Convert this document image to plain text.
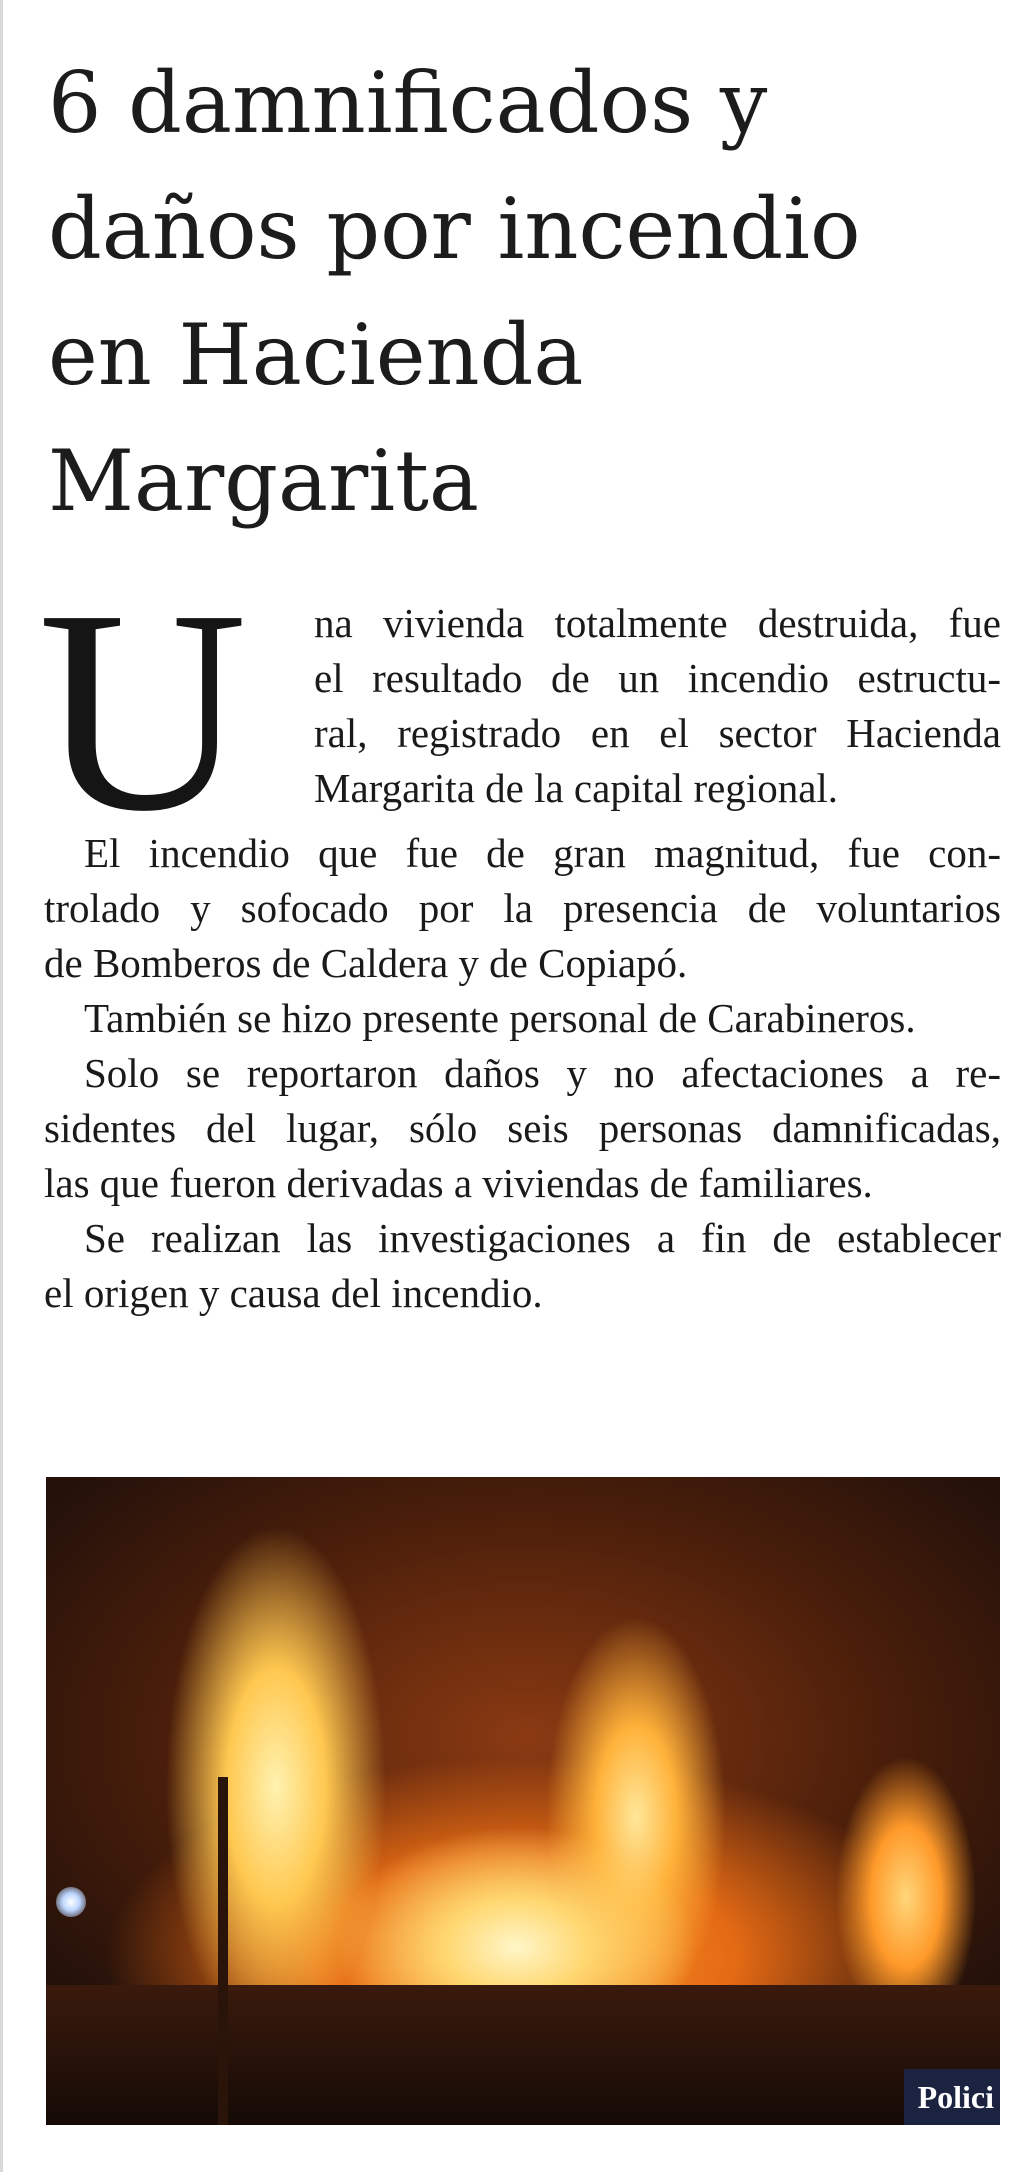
6 damnificados y
daños por incendio
en Hacienda
Margarita
U	na vivienda totalmente destruida, fue
el resultado de un incendio estructu-
ral, registrado en el sector Hacienda
Margarita de la capital regional.
El incendio que fue de gran magnitud, fue con-
trolado y sofocado por la presencia de voluntarios
de Bomberos de Caldera y de Copiapó.
También se hizo presente personal de Carabineros.
Solo se reportaron daños y no afectaciones a re-
sidentes del lugar, sólo seis personas damnificadas,
las que fueron derivadas a viviendas de familiares.
Se realizan las investigaciones a fin de establecer
el origen y causa del incendio.
Polici
